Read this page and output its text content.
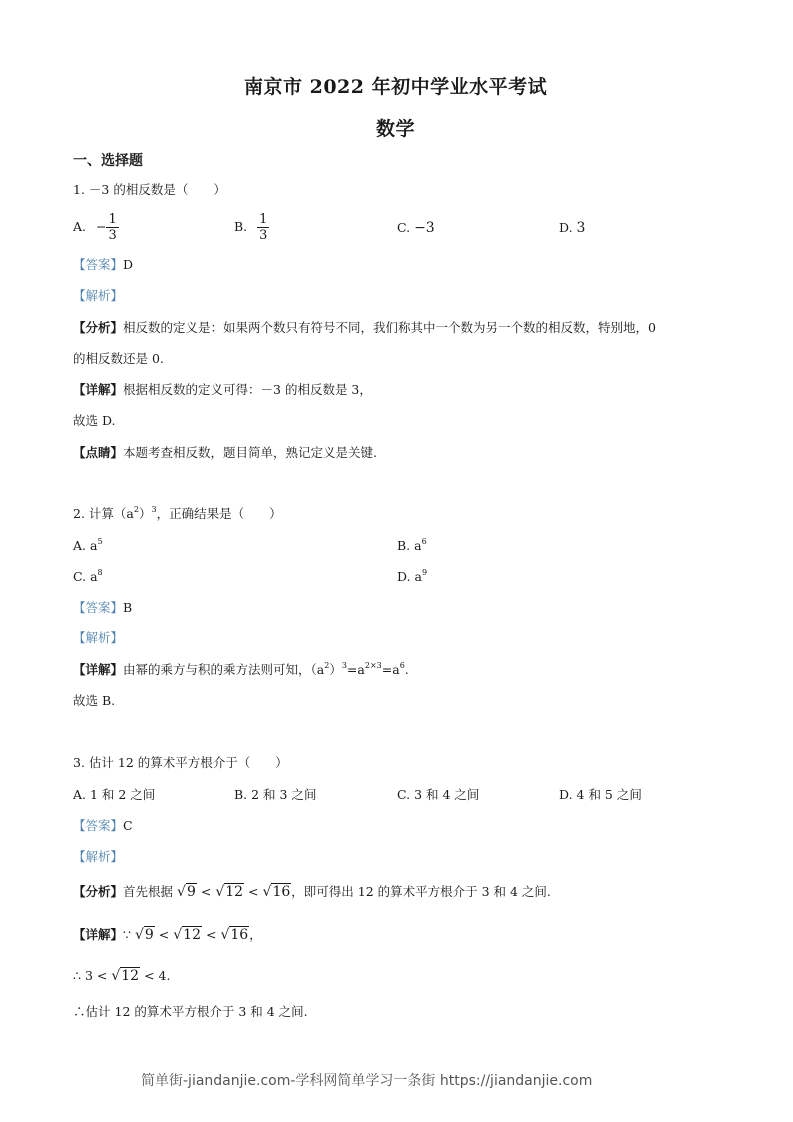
南京市 2022 年初中学业水平考试
数学
一、选择题
1. －3 的相反数是（　　）
A. − $\frac{1}{3}$	B. $\frac{1}{3}$	C. −3	D. 3
【答案】D
【解析】
【分析】相反数的定义是：如果两个数只有符号不同，我们称其中一个数为另一个数的相反数，特别地，0
的相反数还是 0.
【详解】根据相反数的定义可得：－3 的相反数是 3，
故选 D.
【点睛】本题考查相反数，题目简单，熟记定义是关键.
2. 计算$(a^2)^3$，正确结果是（　　）
A. $a^5$	B. $a^6$
C. $a^8$	D. $a^9$
【答案】B
【解析】
【详解】由幂的乘方与积的乘方法则可知，$(a^2)^3=a^{2\times 3}=a^6$.
故选 B.
3. 估计 12 的算术平方根介于（　　）
A. 1 和 2 之间	B. 2 和 3 之间	C. 3 和 4 之间	D. 4 和 5 之间
【答案】C
【解析】
【分析】首先根据 √9 < √12 < √16，即可得出 12 的算术平方根介于 3 和 4 之间.
【详解】∵ √9 < √12 < √16，
∴ 3 < √12 < 4.
∴估计 12 的算术平方根介于 3 和 4 之间.
简单街-jiandanjie.com-学科网简单学习一条街 https://jiandanjie.com
